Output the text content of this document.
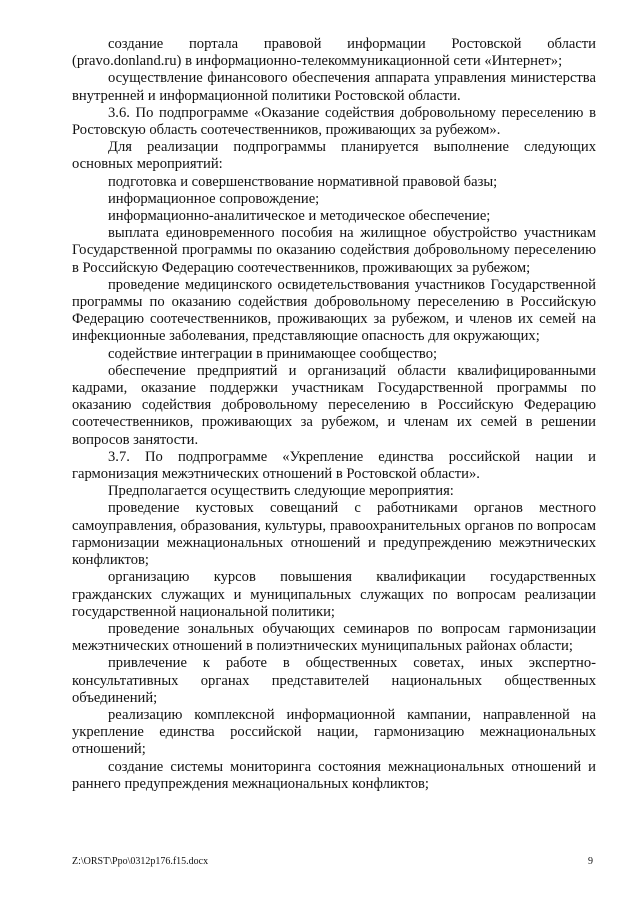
создание портала правовой информации Ростовской области (pravo.donland.ru) в информационно-телекоммуникационной сети «Интернет»;

осуществление финансового обеспечения аппарата управления министерства внутренней и информационной политики Ростовской области.

3.6. По подпрограмме «Оказание содействия добровольному переселению в Ростовскую область соотечественников, проживающих за рубежом».

Для реализации подпрограммы планируется выполнение следующих основных мероприятий:

подготовка и совершенствование нормативной правовой базы;

информационное сопровождение;

информационно-аналитическое и методическое обеспечение;

выплата единовременного пособия на жилищное обустройство участникам Государственной программы по оказанию содействия добровольному переселению в Российскую Федерацию соотечественников, проживающих за рубежом;

проведение медицинского освидетельствования участников Государственной программы по оказанию содействия добровольному переселению в Российскую Федерацию соотечественников, проживающих за рубежом, и членов их семей на инфекционные заболевания, представляющие опасность для окружающих;

содействие интеграции в принимающее сообщество;

обеспечение предприятий и организаций области квалифицированными кадрами, оказание поддержки участникам Государственной программы по оказанию содействия добровольному переселению в Российскую Федерацию соотечественников, проживающих за рубежом, и членам их семей в решении вопросов занятости.

3.7. По подпрограмме «Укрепление единства российской нации и гармонизация межэтнических отношений в Ростовской области».

Предполагается осуществить следующие мероприятия:

проведение кустовых совещаний с работниками органов местного самоуправления, образования, культуры, правоохранительных органов по вопросам гармонизации межнациональных отношений и предупреждению межэтнических конфликтов;

организацию курсов повышения квалификации государственных гражданских служащих и муниципальных служащих по вопросам реализации государственной национальной политики;

проведение зональных обучающих семинаров по вопросам гармонизации межэтнических отношений в полиэтнических муниципальных районах области;

привлечение к работе в общественных советах, иных экспертно-консультативных органах представителей национальных общественных объединений;

реализацию комплексной информационной кампании, направленной на укрепление единства российской нации, гармонизацию межнациональных отношений;

создание системы мониторинга состояния межнациональных отношений и раннего предупреждения межнациональных конфликтов;

Z:\ORST\Ppo\0312p176.f15.docx	9
